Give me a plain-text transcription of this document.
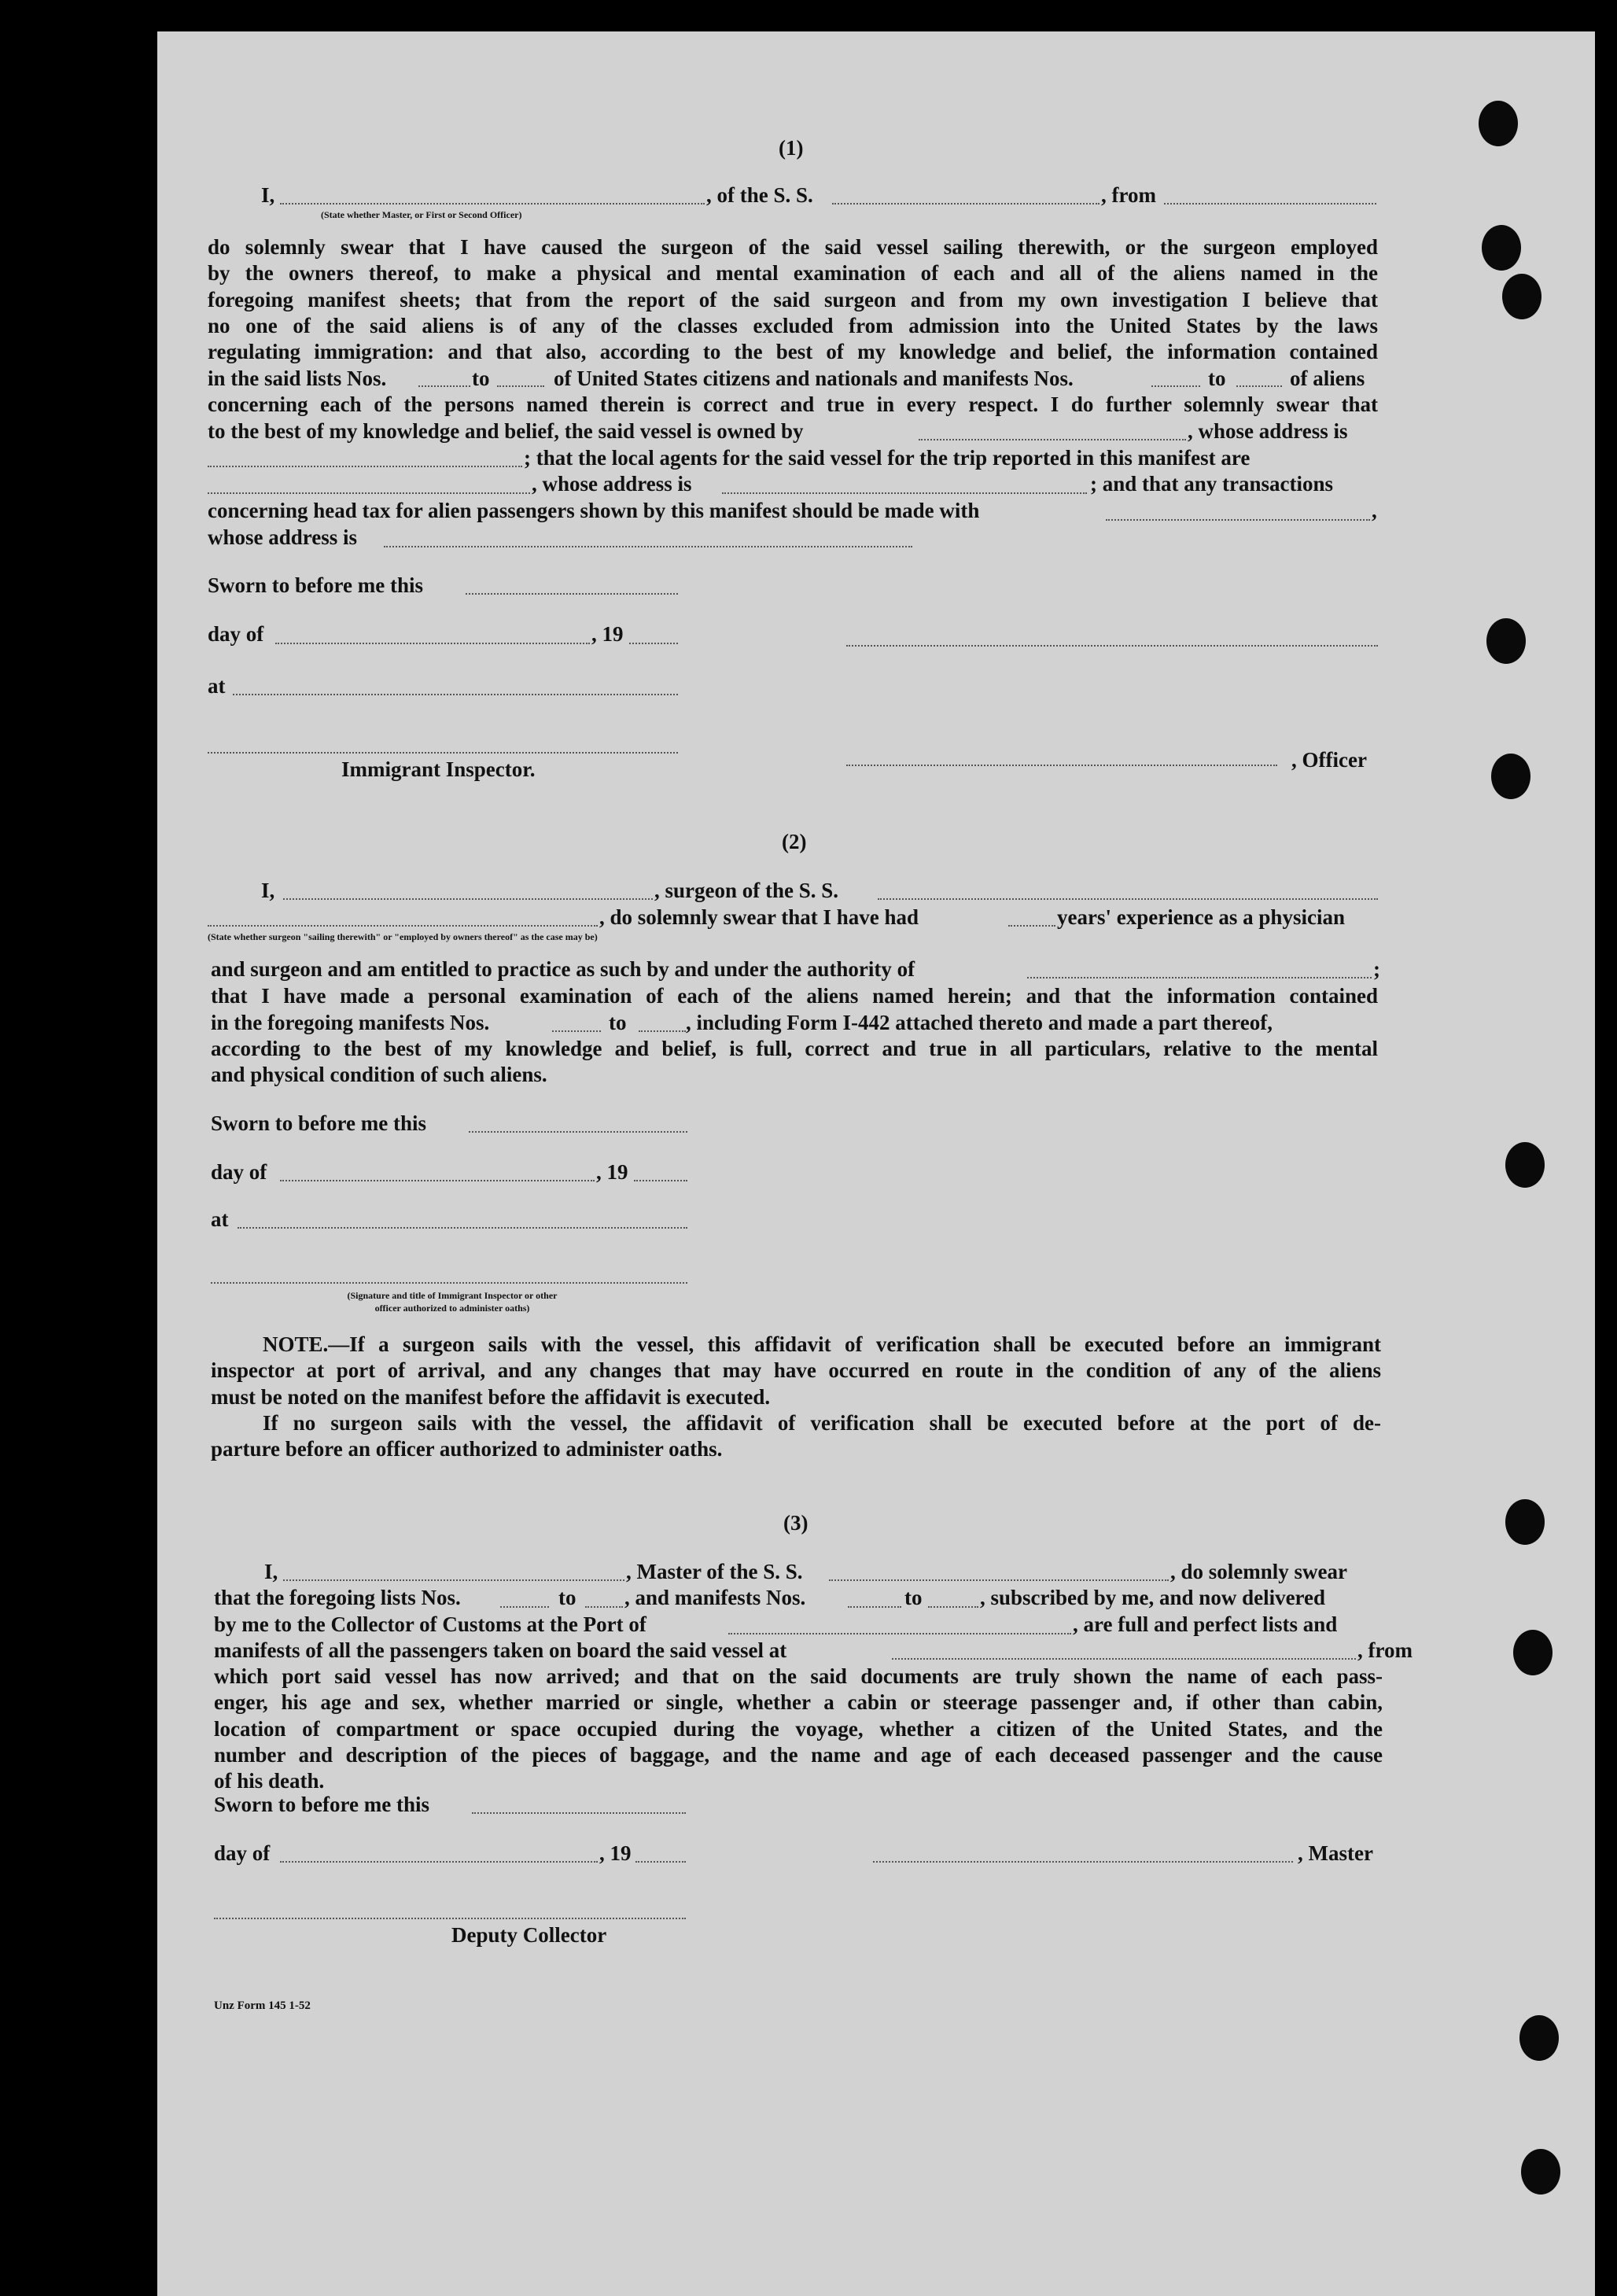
(1)
I,	, of the S. S.	, from
(State whether Master, or First or Second Officer)
do solemnly swear that I have caused the surgeon of the said vessel sailing therewith, or the surgeon employed
by the owners thereof, to make a physical and mental examination of each and all of the aliens named in the
foregoing manifest sheets; that from the report of the said surgeon and from my own investigation I believe that
no one of the said aliens is of any of the classes excluded from admission into the United States by the laws
regulating immigration: and that also, according to the best of my knowledge and belief, the information contained
in the said lists Nos.	to	of United States citizens and nationals and manifests Nos.	to	of aliens
concerning each of the persons named therein is correct and true in every respect. I do further solemnly swear that
to the best of my knowledge and belief, the said vessel is owned by	, whose address is
; that the local agents for the said vessel for the trip reported in this manifest are
, whose address is	; and that any transactions
concerning head tax for alien passengers shown by this manifest should be made with	,
whose address is
Sworn to before me this
day of	, 19
at
Immigrant Inspector.	, Officer
(2)
I,	, surgeon of the S. S.
, do solemnly swear that I have had	years' experience as a physician
(State whether surgeon "sailing therewith" or "employed by owners thereof" as the case may be)
and surgeon and am entitled to practice as such by and under the authority of	;
that I have made a personal examination of each of the aliens named herein; and that the information contained
in the foregoing manifests Nos.	to	, including Form I-442 attached thereto and made a part thereof,
according to the best of my knowledge and belief, is full, correct and true in all particulars, relative to the mental
and physical condition of such aliens.
Sworn to before me this
day of	, 19
at
(Signature and title of Immigrant Inspector or other
officer authorized to administer oaths)
NOTE.—If a surgeon sails with the vessel, this affidavit of verification shall be executed before an immigrant
inspector at port of arrival, and any changes that may have occurred en route in the condition of any of the aliens
must be noted on the manifest before the affidavit is executed.
If no surgeon sails with the vessel, the affidavit of verification shall be executed before at the port of de-
parture before an officer authorized to administer oaths.
(3)
I,	, Master of the S. S.	, do solemnly swear
that the foregoing lists Nos.	to , and manifests Nos.	to	, subscribed by me, and now delivered
by me to the Collector of Customs at the Port of	, are full and perfect lists and
manifests of all the passengers taken on board the said vessel at	, from
which port said vessel has now arrived; and that on the said documents are truly shown the name of each pass-
enger, his age and sex, whether married or single, whether a cabin or steerage passenger and, if other than cabin,
location of compartment or space occupied during the voyage, whether a citizen of the United States, and the
number and description of the pieces of baggage, and the name and age of each deceased passenger and the cause
of his death.
Sworn to before me this
day of	, 19	, Master
Deputy Collector
Unz Form 145 1-52
